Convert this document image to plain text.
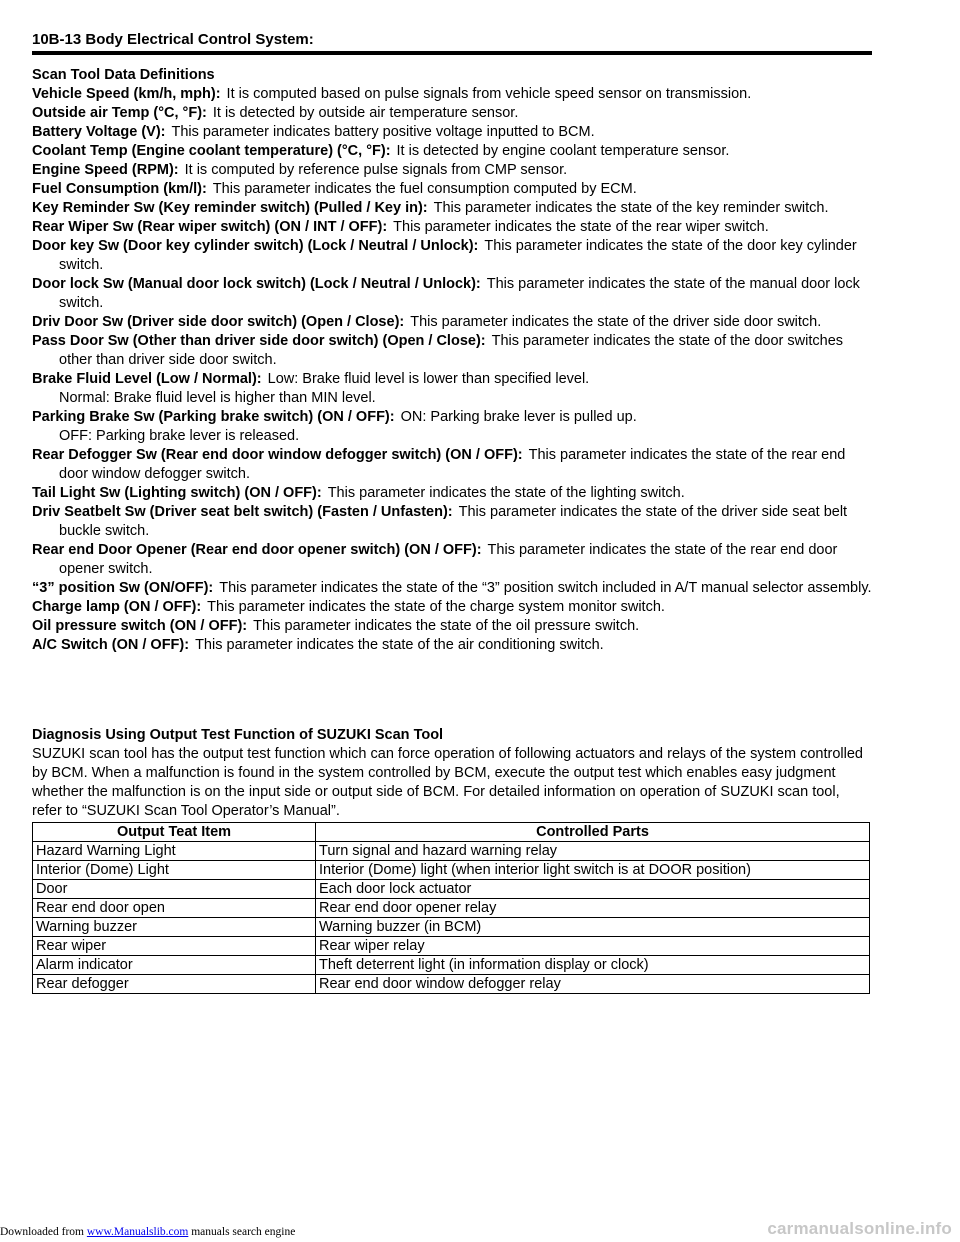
10B-13 Body Electrical Control System:
Scan Tool Data Definitions
Vehicle Speed (km/h, mph): It is computed based on pulse signals from vehicle speed sensor on transmission.
Outside air Temp (°C, °F): It is detected by outside air temperature sensor.
Battery Voltage (V): This parameter indicates battery positive voltage inputted to BCM.
Coolant Temp (Engine coolant temperature) (°C, °F): It is detected by engine coolant temperature sensor.
Engine Speed (RPM): It is computed by reference pulse signals from CMP sensor.
Fuel Consumption (km/l): This parameter indicates the fuel consumption computed by ECM.
Key Reminder Sw (Key reminder switch) (Pulled / Key in): This parameter indicates the state of the key reminder switch.
Rear Wiper Sw (Rear wiper switch) (ON / INT / OFF): This parameter indicates the state of the rear wiper switch.
Door key Sw (Door key cylinder switch) (Lock / Neutral / Unlock): This parameter indicates the state of the door key cylinder switch.
Door lock Sw (Manual door lock switch) (Lock / Neutral / Unlock): This parameter indicates the state of the manual door lock switch.
Driv Door Sw (Driver side door switch) (Open / Close): This parameter indicates the state of the driver side door switch.
Pass Door Sw (Other than driver side door switch) (Open / Close): This parameter indicates the state of the door switches other than driver side door switch.
Brake Fluid Level (Low / Normal): Low: Brake fluid level is lower than specified level.
Normal: Brake fluid level is higher than MIN level.
Parking Brake Sw (Parking brake switch) (ON / OFF): ON: Parking brake lever is pulled up.
OFF: Parking brake lever is released.
Rear Defogger Sw (Rear end door window defogger switch) (ON / OFF): This parameter indicates the state of the rear end door window defogger switch.
Tail Light Sw (Lighting switch) (ON / OFF): This parameter indicates the state of the lighting switch.
Driv Seatbelt Sw (Driver seat belt switch) (Fasten / Unfasten): This parameter indicates the state of the driver side seat belt buckle switch.
Rear end Door Opener (Rear end door opener switch) (ON / OFF): This parameter indicates the state of the rear end door opener switch.
“3” position Sw (ON/OFF): This parameter indicates the state of the “3” position switch included in A/T manual selector assembly.
Charge lamp (ON / OFF): This parameter indicates the state of the charge system monitor switch.
Oil pressure switch (ON / OFF): This parameter indicates the state of the oil pressure switch.
A/C Switch (ON / OFF): This parameter indicates the state of the air conditioning switch.
Diagnosis Using Output Test Function of SUZUKI Scan Tool
SUZUKI scan tool has the output test function which can force operation of following actuators and relays of the system controlled by BCM. When a malfunction is found in the system controlled by BCM, execute the output test which enables easy judgment whether the malfunction is on the input side or output side of BCM. For detailed information on operation of SUZUKI scan tool, refer to “SUZUKI Scan Tool Operator’s Manual”.
Output Teat Item	Controlled Parts
Hazard Warning Light	Turn signal and hazard warning relay
Interior (Dome) Light	Interior (Dome) light (when interior light switch is at DOOR position)
Door	Each door lock actuator
Rear end door open	Rear end door opener relay
Warning buzzer	Warning buzzer (in BCM)
Rear wiper	Rear wiper relay
Alarm indicator	Theft deterrent light (in information display or clock)
Rear defogger	Rear end door window defogger relay
Downloaded from www.Manualslib.com manuals search engine	carmanualsonline.info
